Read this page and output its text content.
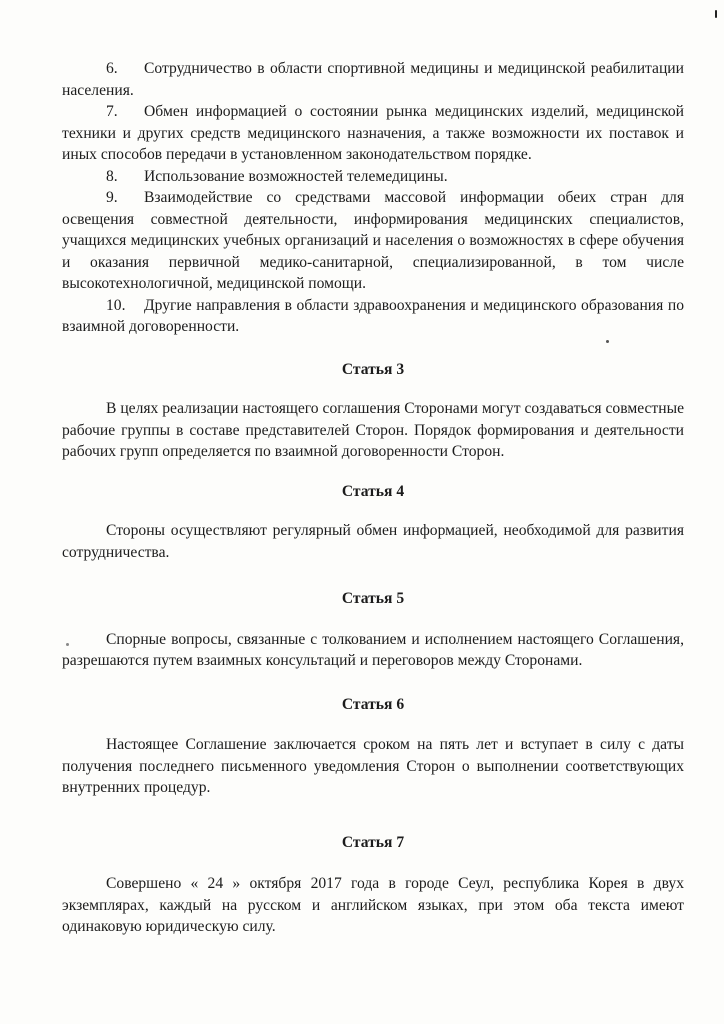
6. Сотрудничество в области спортивной медицины и медицинской реабилитации населения.

7. Обмен информацией о состоянии рынка медицинских изделий, медицинской техники и других средств медицинского назначения, а также возможности их поставок и иных способов передачи в установленном законодательством порядке.

8. Использование возможностей телемедицины.

9. Взаимодействие со средствами массовой информации обеих стран для освещения совместной деятельности, информирования медицинских специалистов, учащихся медицинских учебных организаций и населения о возможностях в сфере обучения и оказания первичной медико-санитарной, специализированной, в том числе высокотехнологичной, медицинской помощи.

10. Другие направления в области здравоохранения и медицинского образования по взаимной договоренности.

Статья 3

В целях реализации настоящего соглашения Сторонами могут создаваться совместные рабочие группы в составе представителей Сторон. Порядок формирования и деятельности рабочих групп определяется по взаимной договоренности Сторон.

Статья 4

Стороны осуществляют регулярный обмен информацией, необходимой для развития сотрудничества.

Статья 5

Спорные вопросы, связанные с толкованием и исполнением настоящего Соглашения, разрешаются путем взаимных консультаций и переговоров между Сторонами.

Статья 6

Настоящее Соглашение заключается сроком на пять лет и вступает в силу с даты получения последнего письменного уведомления Сторон о выполнении соответствующих внутренних процедур.

Статья 7

Совершено « 24 » октября 2017 года в городе Сеул, республика Корея в двух экземплярах, каждый на русском и английском языках, при этом оба текста имеют одинаковую юридическую силу.
